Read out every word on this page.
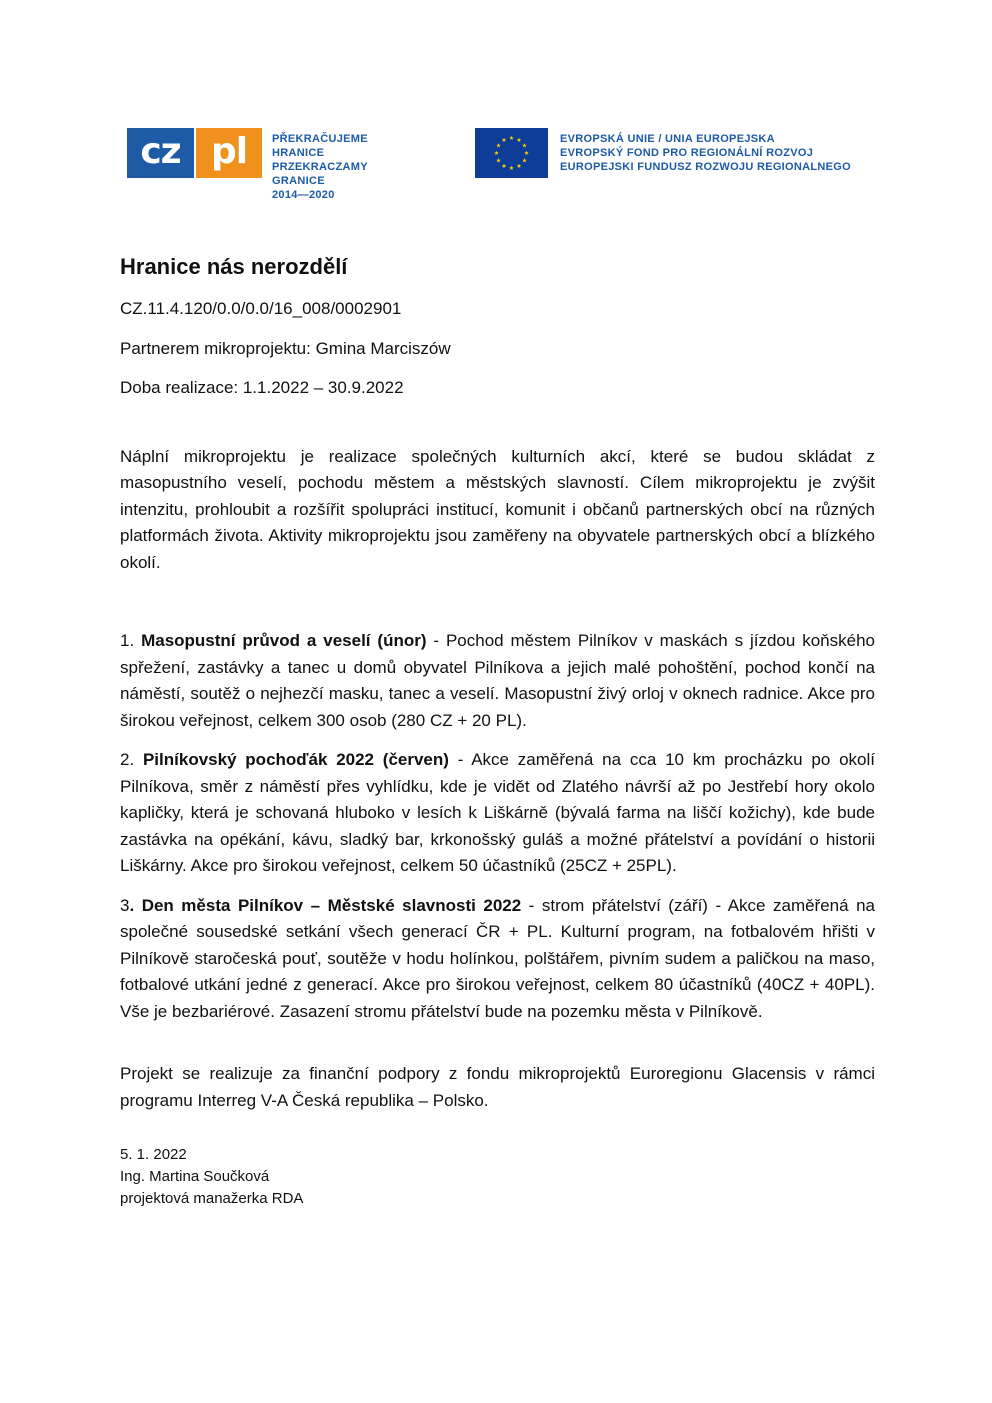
cz pl	PŘEKRAČUJEME HRANICE
PRZEKRACZAMY GRANICE
2014—2020
EVROPSKÁ UNIE / UNIA EUROPEJSKA
EVROPSKÝ FOND PRO REGIONÁLNÍ ROZVOJ
EUROPEJSKI FUNDUSZ ROZWOJU REGIONALNEGO
Hranice nás nerozdělí

CZ.11.4.120/0.0/0.0/16_008/0002901

Partnerem mikroprojektu: Gmina Marciszów

Doba realizace: 1.1.2022 – 30.9.2022

Náplní mikroprojektu je realizace společných kulturních akcí, které se budou skládat z masopustního veselí, pochodu městem a městských slavností. Cílem mikroprojektu je zvýšit intenzitu, prohloubit a rozšířit spolupráci institucí, komunit i občanů partnerských obcí na různých platformách života. Aktivity mikroprojektu jsou zaměřeny na obyvatele partnerských obcí a blízkého okolí.

1. Masopustní průvod a veselí (únor) - Pochod městem Pilníkov v maskách s jízdou koňského spřežení, zastávky a tanec u domů obyvatel Pilníkova a jejich malé pohoštění, pochod končí na náměstí, soutěž o nejhezčí masku, tanec a veselí. Masopustní živý orloj v oknech radnice. Akce pro širokou veřejnost, celkem 300 osob (280 CZ + 20 PL).

2. Pilníkovský pochoďák 2022 (červen) - Akce zaměřená na cca 10 km procházku po okolí Pilníkova, směr z náměstí přes vyhlídku, kde je vidět od Zlatého návrší až po Jestřebí hory okolo kapličky, která je schovaná hluboko v lesích k Liškárně (bývalá farma na liščí kožichy), kde bude zastávka na opékání, kávu, sladký bar, krkonošský guláš a možné přátelství a povídání o historii Liškárny. Akce pro širokou veřejnost, celkem 50 účastníků (25CZ + 25PL).

3. Den města Pilníkov – Městské slavnosti 2022 - strom přátelství (září) - Akce zaměřená na společné sousedské setkání všech generací ČR + PL. Kulturní program, na fotbalovém hřišti v Pilníkově staročeská pouť, soutěže v hodu holínkou, polštářem, pivním sudem a paličkou na maso, fotbalové utkání jedné z generací. Akce pro širokou veřejnost, celkem 80 účastníků (40CZ + 40PL). Vše je bezbariérové. Zasazení stromu přátelství bude na pozemku města v Pilníkově.

Projekt se realizuje za finanční podpory z fondu mikroprojektů Euroregionu Glacensis v rámci programu Interreg V-A Česká republika – Polsko.

5. 1. 2022
Ing. Martina Součková
projektová manažerka RDA
